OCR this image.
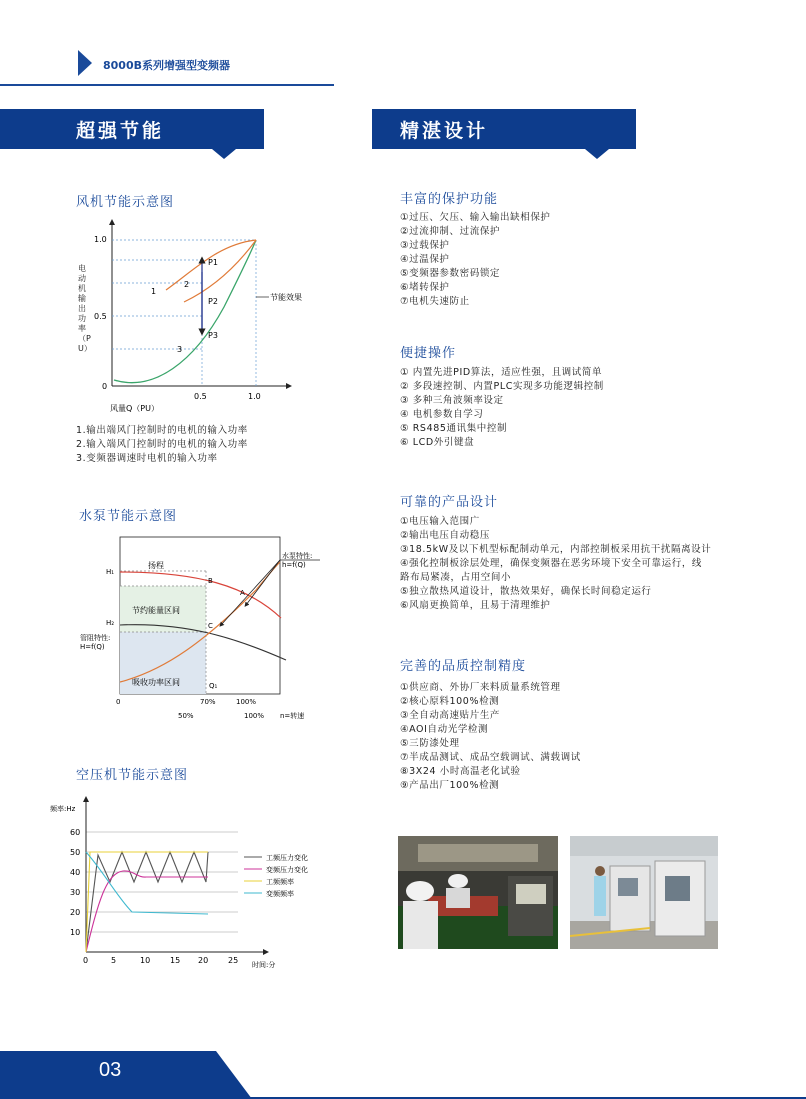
8000B系列增强型变频器
超强节能	精湛设计
风机节能示意图
1.0
0.5
0
0.5	1.0
P1
P2
P3
1
2
3
节能效果
风量Q（PU）
电动机输出功率（PU）
1.输出端风门控制时的电机的输入功率
2.输入端风门控制时的电机的输入功率
3.变频器调速时电机的输入功率
水泵节能示意图
H₁
H₂
扬程
B
A
C
节约能量区间
吸收功率区间	Q₁
管阻特性:
H=f(Q)
水泵特性:
h=f(Q)
0	70%	100%
50%	100% n=转速
空压机节能示意图
频率:Hz
60
50
40
30
20
10
0	5	10 15 20 25 时间:分
工频压力变化
变频压力变化
工频频率
变频频率
丰富的保护功能
①过压、欠压、输入输出缺相保护
②过流抑制、过流保护
③过载保护
④过温保护
⑤变频器参数密码锁定
⑥堵转保护
⑦电机失速防止
便捷操作
① 内置先进PID算法，适应性强，且调试简单
② 多段速控制、内置PLC实现多功能逻辑控制
③ 多种三角波频率设定
④ 电机参数自学习
⑤ RS485通讯集中控制
⑥ LCD外引键盘
可靠的产品设计
①电压输入范围广
②输出电压自动稳压
③18.5kW及以下机型标配制动单元，内部控制板采用抗干扰隔离设计
④强化控制板涂层处理，确保变频器在恶劣环境下安全可靠运行，线
路布局紧凑，占用空间小
⑤独立散热风道设计，散热效果好，确保长时间稳定运行
⑥风扇更换简单，且易于清理维护
完善的品质控制精度
①供应商、外协厂来料质量系统管理
②核心原料100%检测
③全自动高速贴片生产
④AOI自动光学检测
⑤三防漆处理
⑦半成品测试、成品空载调试、满载调试
⑧3X24 小时高温老化试验
⑨产品出厂100%检测
03
